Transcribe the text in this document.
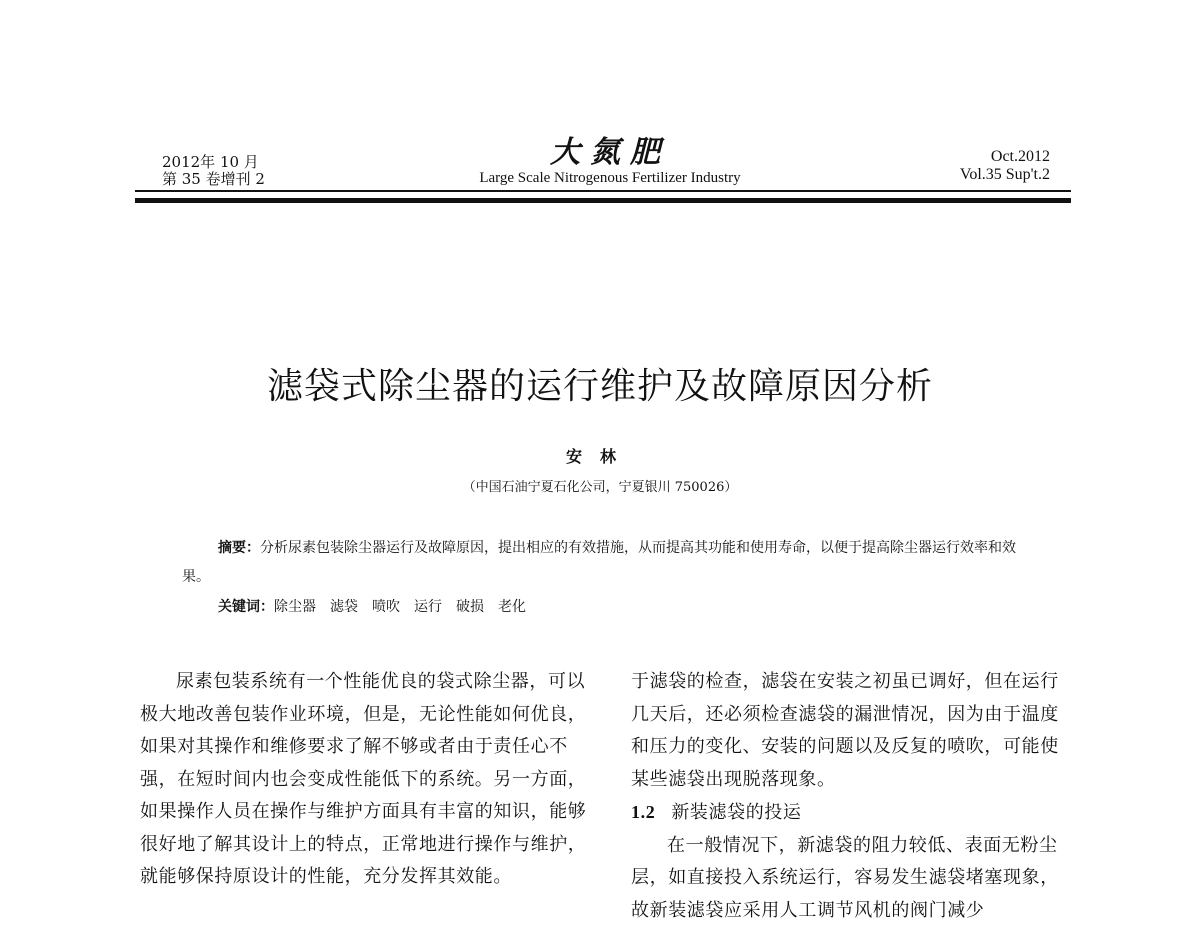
2012年 10 月
第 35 卷增刊 2
大氮肥
Large Scale Nitrogenous Fertilizer Industry
Oct.2012
Vol.35 Sup't.2
滤袋式除尘器的运行维护及故障原因分析
安林
（中国石油宁夏石化公司，宁夏银川 750026）
摘要：分析尿素包装除尘器运行及故障原因，提出相应的有效措施，从而提高其功能和使用寿命，以便于提高除尘器运行效率和效果。
关键词：除尘器 滤袋 喷吹 运行 破损 老化

尿素包装系统有一个性能优良的袋式除尘器，可以极大地改善包装作业环境，但是，无论性能如何优良，如果对其操作和维修要求了解不够或者由于责任心不强，在短时间内也会变成性能低下的系统。另一方面，如果操作人员在操作与维护方面具有丰富的知识，能够很好地了解其设计上的特点，正常地进行操作与维护，就能够保持原设计的性能，充分发挥其效能。

于滤袋的检查，滤袋在安装之初虽已调好，但在运行几天后，还必须检查滤袋的漏泄情况，因为由于温度和压力的变化、安装的问题以及反复的喷吹，可能使某些滤袋出现脱落现象。

1.2 新装滤袋的投运

在一般情况下，新滤袋的阻力较低、表面无粉尘层，如直接投入系统运行，容易发生滤袋堵塞现象，故新装滤袋应采用人工调节风机的阀门减少
